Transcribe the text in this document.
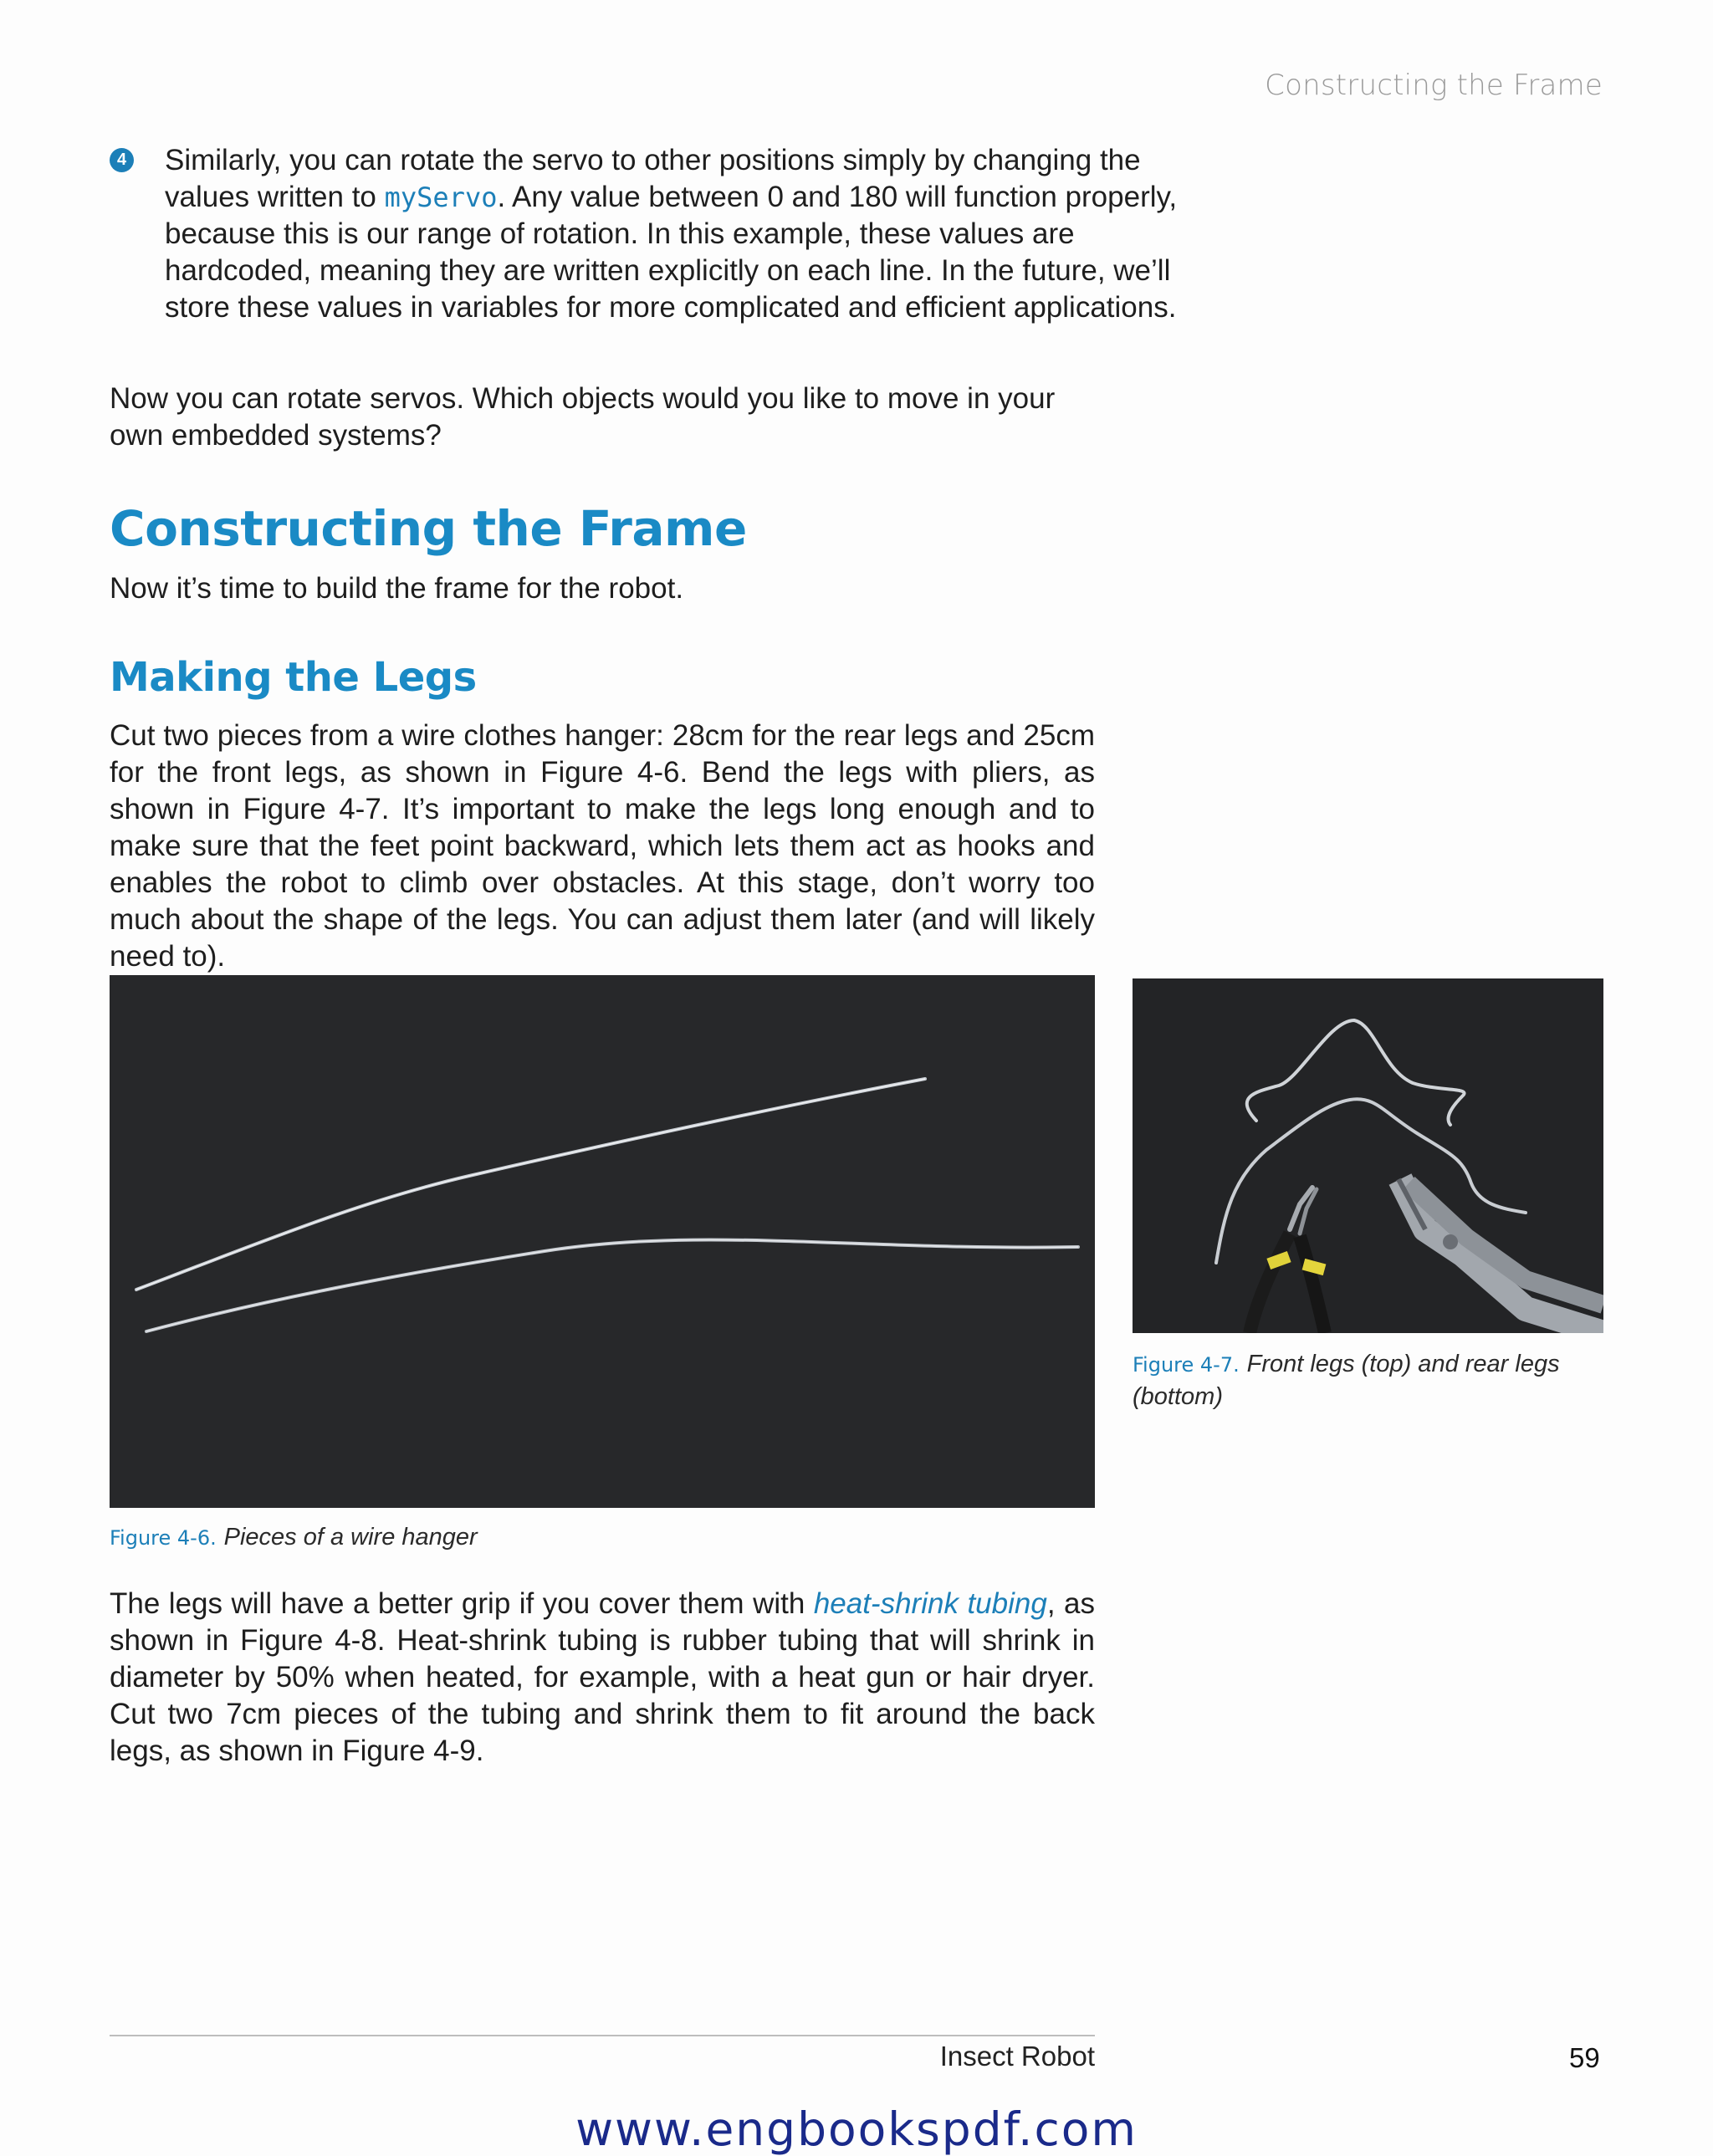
Constructing the Frame
4 Similarly, you can rotate the servo to other positions simply by changing the values written to myServo. Any value between 0 and 180 will function properly, because this is our range of rotation. In this example, these values are hardcoded, meaning they are written explicitly on each line. In the future, we’ll store these values in variables for more complicated and efficient applications.
Now you can rotate servos. Which objects would you like to move in your own embedded systems?
Constructing the Frame
Now it’s time to build the frame for the robot.
Making the Legs
Cut two pieces from a wire clothes hanger: 28cm for the rear legs and 25cm for the front legs, as shown in Figure 4-6. Bend the legs with pliers, as shown in Figure 4-7. It’s important to make the legs long enough and to make sure that the feet point backward, which lets them act as hooks and enables the robot to climb over obstacles. At this stage, don’t worry too much about the shape of the legs. You can adjust them later (and will likely need to).
Figure 4-6. Pieces of a wire hanger
Figure 4-7. Front legs (top) and rear legs (bottom)
The legs will have a better grip if you cover them with heat-shrink tubing, as shown in Figure 4-8. Heat-shrink tubing is rubber tubing that will shrink in diameter by 50% when heated, for example, with a heat gun or hair dryer. Cut two 7cm pieces of the tubing and shrink them to fit around the back legs, as shown in Figure 4-9.
Insect Robot	59
www.engbookspdf.com
